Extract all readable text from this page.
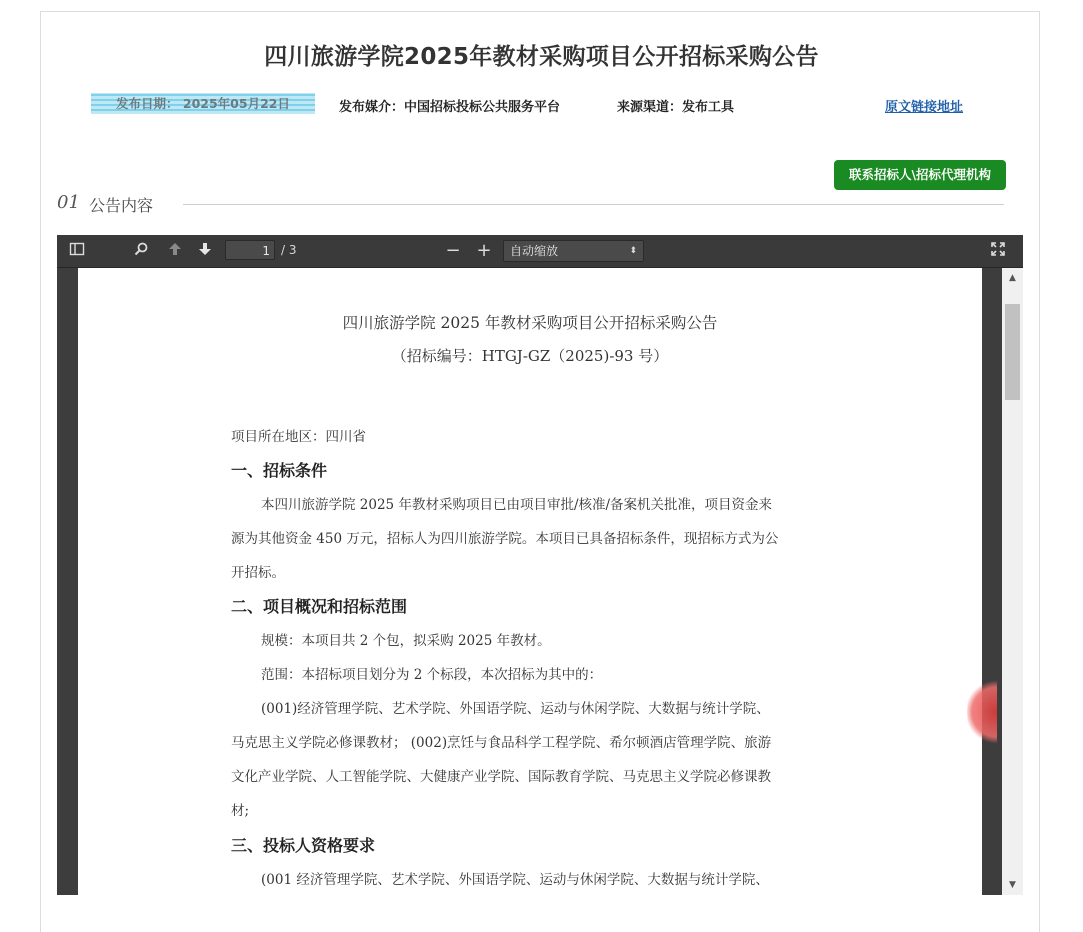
四川旅游学院2025年教材采购项目公开招标采购公告
发布日期： 2025年05月22日	发布媒介：中国招标投标公共服务平台	来源渠道：发布工具	原文链接地址
联系招标人\招标代理机构
01 公告内容
1 / 3	− +	自动缩放	⬍
四川旅游学院 2025 年教材采购项目公开招标采购公告
（招标编号：HTGJ-GZ（2025)-93 号）
项目所在地区：四川省
一、招标条件
本四川旅游学院 2025 年教材采购项目已由项目审批/核准/备案机关批准，项目资金来
源为其他资金 450 万元，招标人为四川旅游学院。本项目已具备招标条件，现招标方式为公
开招标。
二、项目概况和招标范围
规模：本项目共 2 个包，拟采购 2025 年教材。
范围：本招标项目划分为 2 个标段，本次招标为其中的：
(001)经济管理学院、艺术学院、外国语学院、运动与休闲学院、大数据与统计学院、
马克思主义学院必修课教材； (002)烹饪与食品科学工程学院、希尔顿酒店管理学院、旅游
文化产业学院、人工智能学院、大健康产业学院、国际教育学院、马克思主义学院必修课教
材;
三、投标人资格要求
(001 经济管理学院、艺术学院、外国语学院、运动与休闲学院、大数据与统计学院、
▲
▼
